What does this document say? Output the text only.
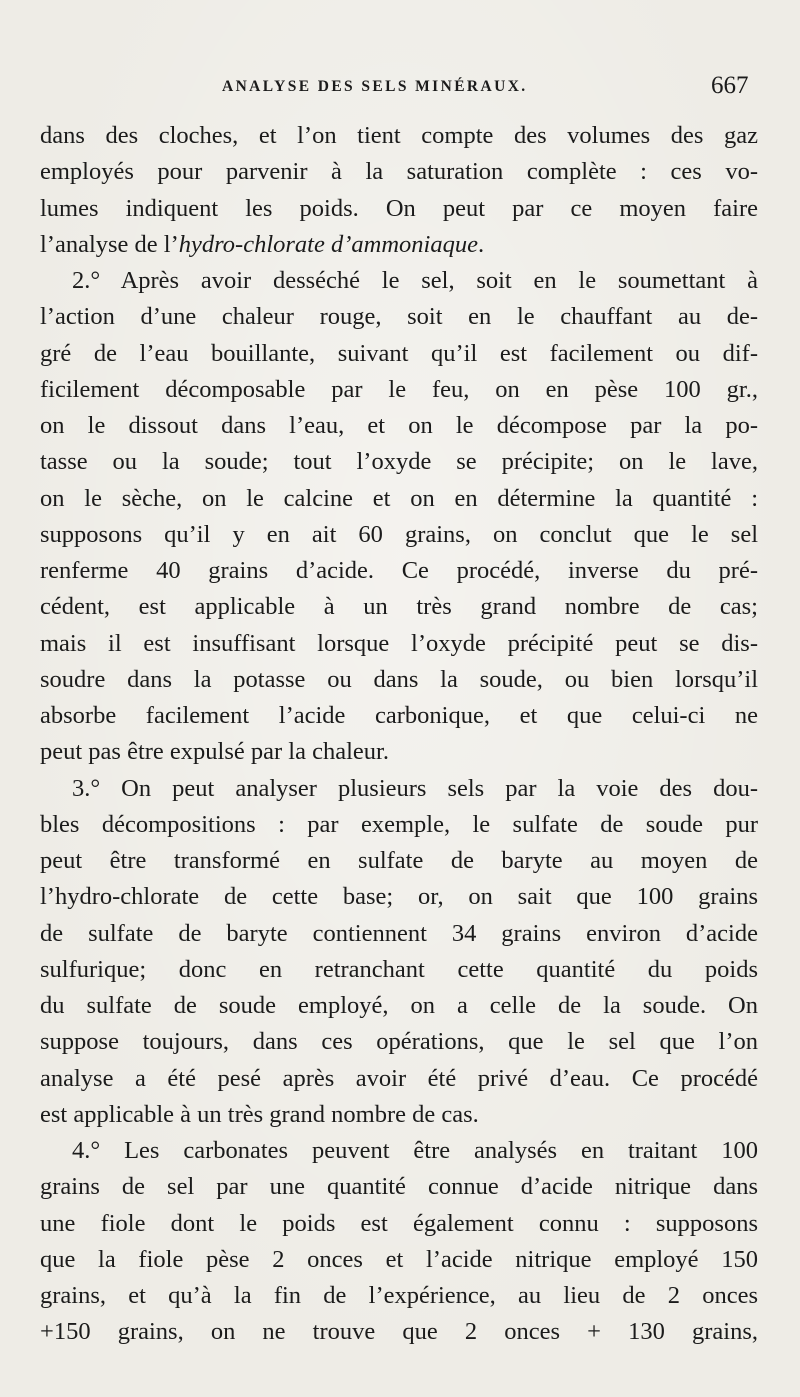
ANALYSE DES SELS MINÉRAUX.	667
dans des cloches, et l’on tient compte des volumes des gaz
employés pour parvenir à la saturation complète : ces vo-
lumes indiquent les poids. On peut par ce moyen faire
l’analyse de l’hydro-chlorate d’ammoniaque.
2.° Après avoir desséché le sel, soit en le soumettant à
l’action d’une chaleur rouge, soit en le chauffant au de-
gré de l’eau bouillante, suivant qu’il est facilement ou dif-
ficilement décomposable par le feu, on en pèse 100 gr.,
on le dissout dans l’eau, et on le décompose par la po-
tasse ou la soude; tout l’oxyde se précipite; on le lave,
on le sèche, on le calcine et on en détermine la quantité :
supposons qu’il y en ait 60 grains, on conclut que le sel
renferme 40 grains d’acide. Ce procédé, inverse du pré-
cédent, est applicable à un très grand nombre de cas;
mais il est insuffisant lorsque l’oxyde précipité peut se dis-
soudre dans la potasse ou dans la soude, ou bien lorsqu’il
absorbe facilement l’acide carbonique, et que celui-ci ne
peut pas être expulsé par la chaleur.
3.° On peut analyser plusieurs sels par la voie des dou-
bles décompositions : par exemple, le sulfate de soude pur
peut être transformé en sulfate de baryte au moyen de
l’hydro-chlorate de cette base; or, on sait que 100 grains
de sulfate de baryte contiennent 34 grains environ d’acide
sulfurique; donc en retranchant cette quantité du poids
du sulfate de soude employé, on a celle de la soude. On
suppose toujours, dans ces opérations, que le sel que l’on
analyse a été pesé après avoir été privé d’eau. Ce procédé
est applicable à un très grand nombre de cas.
4.° Les carbonates peuvent être analysés en traitant 100
grains de sel par une quantité connue d’acide nitrique dans
une fiole dont le poids est également connu : supposons
que la fiole pèse 2 onces et l’acide nitrique employé 150
grains, et qu’à la fin de l’expérience, au lieu de 2 onces
+150 grains, on ne trouve que 2 onces + 130 grains,
